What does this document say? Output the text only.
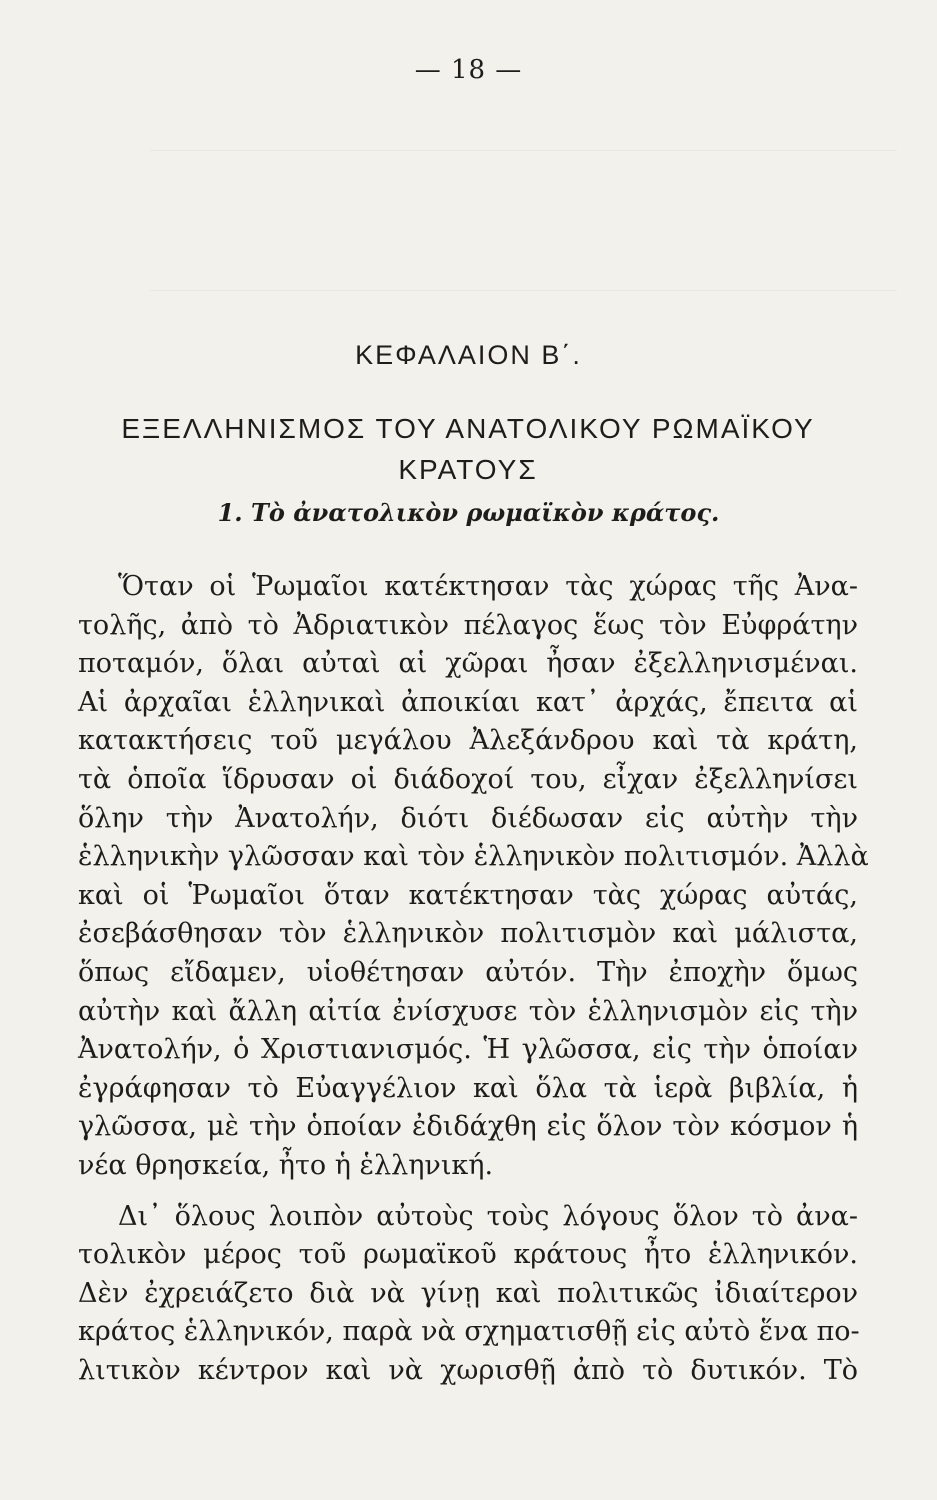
— 18 —
ΚΕΦΑΛΑΙΟΝ Β΄.
ΕΞΕΛΛΗΝΙΣΜΟΣ ΤΟΥ ΑΝΑΤΟΛΙΚΟΥ ΡΩΜΑΪΚΟΥ
ΚΡΑΤΟΥΣ
1. Τὸ ἀνατολικὸν ρωμαϊκὸν κράτος.
Ὅταν οἱ Ῥωμαῖοι κατέκτησαν τὰς χώρας τῆς Ἀνα-
τολῆς, ἀπὸ τὸ Ἀδριατικὸν πέλαγος ἕως τὸν Εὐφράτην
ποταμόν, ὅλαι αὐταὶ αἱ χῶραι ἦσαν ἐξελληνισμέναι.
Αἱ ἀρχαῖαι ἑλληνικαὶ ἀποικίαι κατ᾽ ἀρχάς, ἔπειτα αἱ
κατακτήσεις τοῦ μεγάλου Ἀλεξάνδρου καὶ τὰ κράτη,
τὰ ὁποῖα ἵδρυσαν οἱ διάδοχοί του, εἶχαν ἐξελληνίσει
ὅλην τὴν Ἀνατολήν, διότι διέδωσαν εἰς αὐτὴν τὴν
ἑλληνικὴν γλῶσσαν καὶ τὸν ἑλληνικὸν πολιτισμόν. Ἀλλὰ
καὶ οἱ Ῥωμαῖοι ὅταν κατέκτησαν τὰς χώρας αὐτάς,
ἐσεβάσθησαν τὸν ἑλληνικὸν πολιτισμὸν καὶ μάλιστα,
ὅπως εἴδαμεν, υἱοθέτησαν αὐτόν. Τὴν ἐποχὴν ὅμως
αὐτὴν καὶ ἄλλη αἰτία ἐνίσχυσε τὸν ἑλληνισμὸν εἰς τὴν
Ἀνατολήν, ὁ Χριστιανισμός. Ἡ γλῶσσα, εἰς τὴν ὁποίαν
ἐγράφησαν τὸ Εὐαγγέλιον καὶ ὅλα τὰ ἱερὰ βιβλία, ἡ
γλῶσσα, μὲ τὴν ὁποίαν ἐδιδάχθη εἰς ὅλον τὸν κόσμον ἡ
νέα θρησκεία, ἦτο ἡ ἑλληνική.
Δι᾽ ὅλους λοιπὸν αὐτοὺς τοὺς λόγους ὅλον τὸ ἀνα-
τολικὸν μέρος τοῦ ρωμαϊκοῦ κράτους ἦτο ἑλληνικόν.
Δὲν ἐχρειάζετο διὰ νὰ γίνῃ καὶ πολιτικῶς ἰδιαίτερον
κράτος ἑλληνικόν, παρὰ νὰ σχηματισθῇ εἰς αὐτὸ ἕνα πο-
λιτικὸν κέντρον καὶ νὰ χωρισθῇ ἀπὸ τὸ δυτικόν. Τὸ
